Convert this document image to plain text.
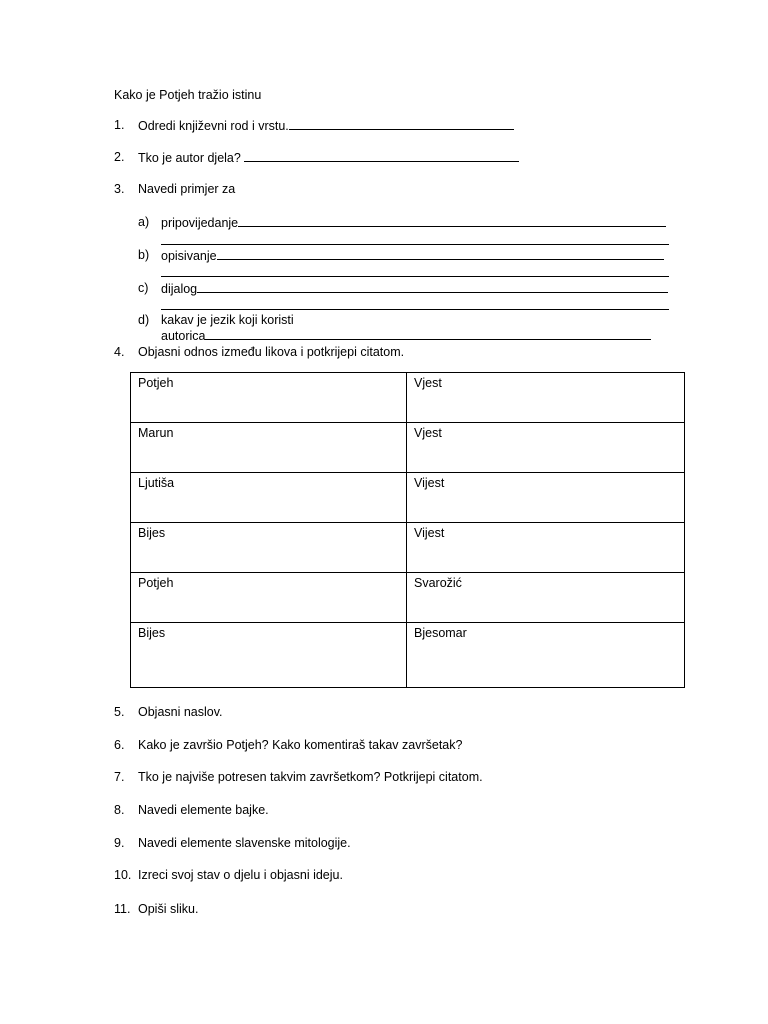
Kako je Potjeh tražio istinu
1. Odredi književni rod i vrstu.
2. Tko je autor djela?
3. Navedi primjer za
a) pripovijedanje
b) opisivanje
c) dijalog
d) kakav je jezik koji koristi
autorica
4. Objasni odnos između likova i potkrijepi citatom.
Potjeh	Vjest
Marun	Vjest
Ljutiša	Vijest
Bijes	Vijest
Potjeh	Svarožić
Bijes	Bjesomar
5. Objasni naslov.
6. Kako je završio Potjeh? Kako komentiraš takav završetak?
7. Tko je najviše potresen takvim završetkom? Potkrijepi citatom.
8. Navedi elemente bajke.
9. Navedi elemente slavenske mitologije.
10. Izreci svoj stav o djelu i objasni ideju.
11. Opiši sliku.
